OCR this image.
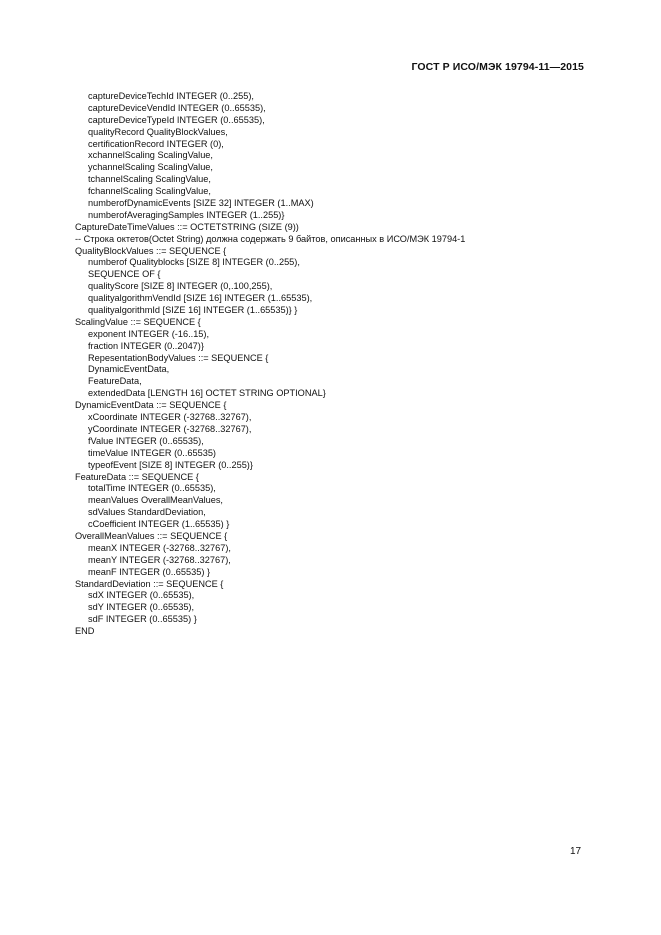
ГОСТ Р ИСО/МЭК 19794-11—2015
captureDeviceTechId INTEGER (0..255),
captureDeviceVendId INTEGER (0..65535),
captureDeviceTypeId INTEGER (0..65535),
qualityRecord QualityBlockValues,
certificationRecord INTEGER (0),
xchannelScaling ScalingValue,
ychannelScaling ScalingValue,
tchannelScaling ScalingValue,
fchannelScaling ScalingValue,
numberofDynamicEvents [SIZE 32] INTEGER (1..MAX)
numberofAveragingSamples INTEGER (1..255)}
CaptureDateTimeValues ::= OCTETSTRING (SIZE (9))
-- Строка октетов(Octet String) должна содержать 9 байтов, описанных в ИСО/МЭК 19794-1
QualityBlockValues ::= SEQUENCE {
numberof Qualityblocks [SIZE 8] INTEGER (0..255),
SEQUENCE OF {
qualityScore [SIZE 8] INTEGER (0,.100,255),
qualityalgorithmVendId [SIZE 16] INTEGER (1..65535),
qualityalgorithmId [SIZE 16] INTEGER (1..65535)} }
ScalingValue ::= SEQUENCE {
exponent INTEGER (-16..15),
fraction INTEGER (0..2047)}
RepesentationBodyValues ::= SEQUENCE {
DynamicEventData,
FeatureData,
extendedData [LENGTH 16] OCTET STRING OPTIONAL}
DynamicEventData ::= SEQUENCE {
xCoordinate INTEGER (-32768..32767),
yCoordinate INTEGER (-32768..32767),
fValue INTEGER (0..65535),
timeValue INTEGER (0..65535)
typeofEvent [SIZE 8] INTEGER (0..255)}
FeatureData ::= SEQUENCE {
totalTime INTEGER (0..65535),
meanValues OverallMeanValues,
sdValues StandardDeviation,
cCoefficient INTEGER (1..65535) }
OverallMeanValues ::= SEQUENCE {
meanX INTEGER (-32768..32767),
meanY INTEGER (-32768..32767),
meanF INTEGER (0..65535) }
StandardDeviation ::= SEQUENCE {
sdX INTEGER (0..65535),
sdY INTEGER (0..65535),
sdF INTEGER (0..65535) }
END
17
